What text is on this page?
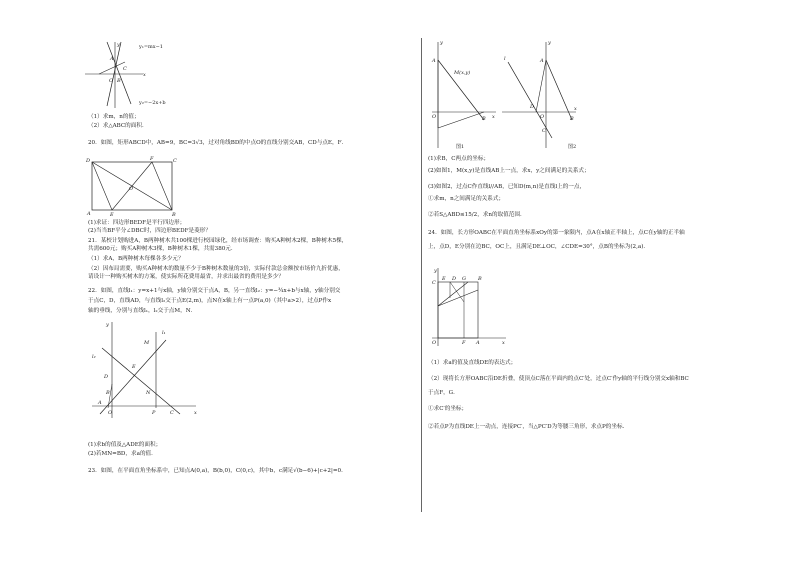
y
x
y₁=mx−1
y₂=−2x+b
A
C
B
O
（1）求m，n的值；
（2）求△ABC的面积．
20．如图，矩形ABCD中，AB=9，BC=3√3，过对角线BD的中点O的直线分别交AB，CD与点E，F．
D	F	C
A	E	B
O
(1)求证：四边形BEDF是平行四边形；
(2)当当BF平分∠DBC时，四边形BEDF是菱形？
21．某校计划购进A，B两种树木共100棵进行校园绿化，经市场调查：购买A种树木2棵，B种树木5棵，
共需600元；购买A种树木3棵，B种树木1棵，共需380元．
（1）求A，B两种树木每棵各多少元？
（2）因布局需要，购买A种树木的数量不少于B种树木数量的3倍，实际付款总金额按市场价九折优惠，
请设计一种购买树木的方案，使实际所花费用最省，并求出最省的费用是多少？
22．如图，直线l₁：y=x+1与x轴，y轴分别交于点A，B，另一直线l₂：y=−¾x+b与x轴，y轴分别交
于点C，D，直线AD，与直线l₂交于点E(2,m)，点N在x轴上有一点P(a,0)（其中a>2），过点P作x
轴的垂线，分别与直线l₁，l₂交于点M，N．
y
l₂
M
l₁
E
D
N
A
B
O	P	C	x
(1)求b的值及△ADE的面积；
(2)若MN=BD，求a的值．
23．如图，在平面直角坐标系中，已知点A(0,a)，B(b,0)，C(0,c)，其中b，c满足√(b−6)+|c+2|=0．
y
A
M(x,y)
O	B x
图1
l
y
A
D
O
C
B
x
图2
(1)求B，C两点的坐标；
(2)如图1，M(x,y)是直线AB上一点，求x，y之间满足的关系式；
(3)如图2，过点C作直线l//AB，已知D(m,n)是直线l上的一点，
①求m，n之间满足的关系式；
②若S△ABD≤15/2，求n的取值范围．
24．如图，长方形OABC在平面直角坐标系xOy的第一象限内，点A在x轴正半轴上，点C在y轴的正半轴
上，点D，E分别在边BC，OC上，且满足DE⊥OC，∠CDE=30°，点B的坐标为(2,a)．
y
C
E D G B
O	F A	x
（1）求a的值及直线DE的表达式；
（2）现将长方形OABC沿DE折叠，使顶点C落在平面内的点C′处，过点C′作y轴的平行线分别交x轴和BC
于点F，G．
①求C′的坐标；
②若点P为直线DE上一动点，连接PC′，当△PC′D为等腰三角形，求点P的坐标．
